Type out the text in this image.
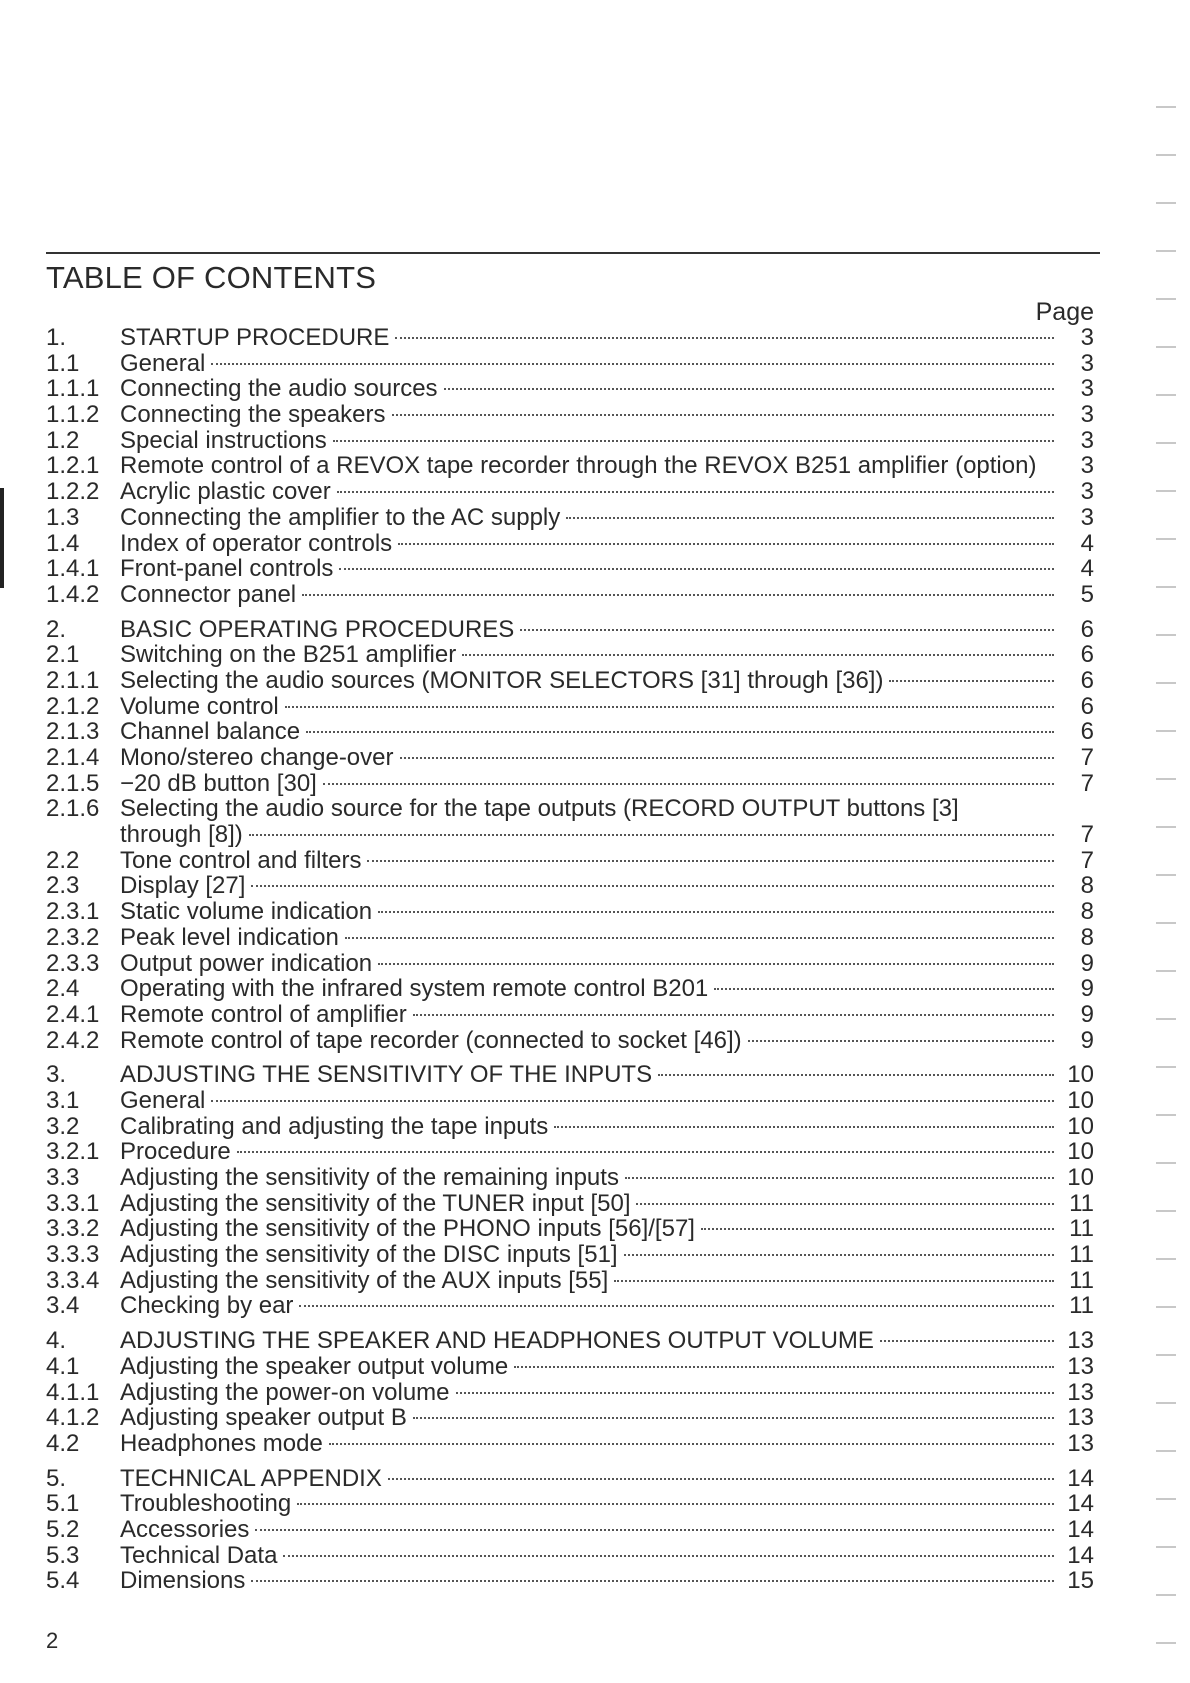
TABLE OF CONTENTS
Page
1.	STARTUP PROCEDURE	3
1.1	General	3
1.1.1 Connecting the audio sources	3
1.1.2 Connecting the speakers	3
1.2	Special instructions	3
1.2.1 Remote control of a REVOX tape recorder through the REVOX B251 amplifier (option)	3
1.2.2 Acrylic plastic cover	3
1.3	Connecting the amplifier to the AC supply	3
1.4	Index of operator controls	4
1.4.1 Front-panel controls	4
1.4.2 Connector panel	5
2.	BASIC OPERATING PROCEDURES	6
2.1	Switching on the B251 amplifier	6
2.1.1 Selecting the audio sources (MONITOR SELECTORS [31] through [36])	6
2.1.2 Volume control	6
2.1.3 Channel balance	6
2.1.4 Mono/stereo change-over	7
2.1.5 −20 dB button [30]	7
2.1.6 Selecting the audio source for the tape outputs (RECORD OUTPUT buttons [3]
through [8])	7
2.2	Tone control and filters	7
2.3	Display [27]	8
2.3.1 Static volume indication	8
2.3.2 Peak level indication	8
2.3.3 Output power indication	9
2.4	Operating with the infrared system remote control B201	9
2.4.1 Remote control of amplifier	9
2.4.2 Remote control of tape recorder (connected to socket [46])	9
3.	ADJUSTING THE SENSITIVITY OF THE INPUTS	10
3.1	General	10
3.2	Calibrating and adjusting the tape inputs	10
3.2.1 Procedure	10
3.3	Adjusting the sensitivity of the remaining inputs	10
3.3.1 Adjusting the sensitivity of the TUNER input [50]	11
3.3.2 Adjusting the sensitivity of the PHONO inputs [56]/[57]	11
3.3.3 Adjusting the sensitivity of the DISC inputs [51]	11
3.3.4 Adjusting the sensitivity of the AUX inputs [55]	11
3.4	Checking by ear	11
4.	ADJUSTING THE SPEAKER AND HEADPHONES OUTPUT VOLUME	13
4.1	Adjusting the speaker output volume	13
4.1.1 Adjusting the power-on volume	13
4.1.2 Adjusting speaker output B	13
4.2	Headphones mode	13
5.	TECHNICAL APPENDIX	14
5.1	Troubleshooting	14
5.2	Accessories	14
5.3	Technical Data	14
5.4	Dimensions	15
2
